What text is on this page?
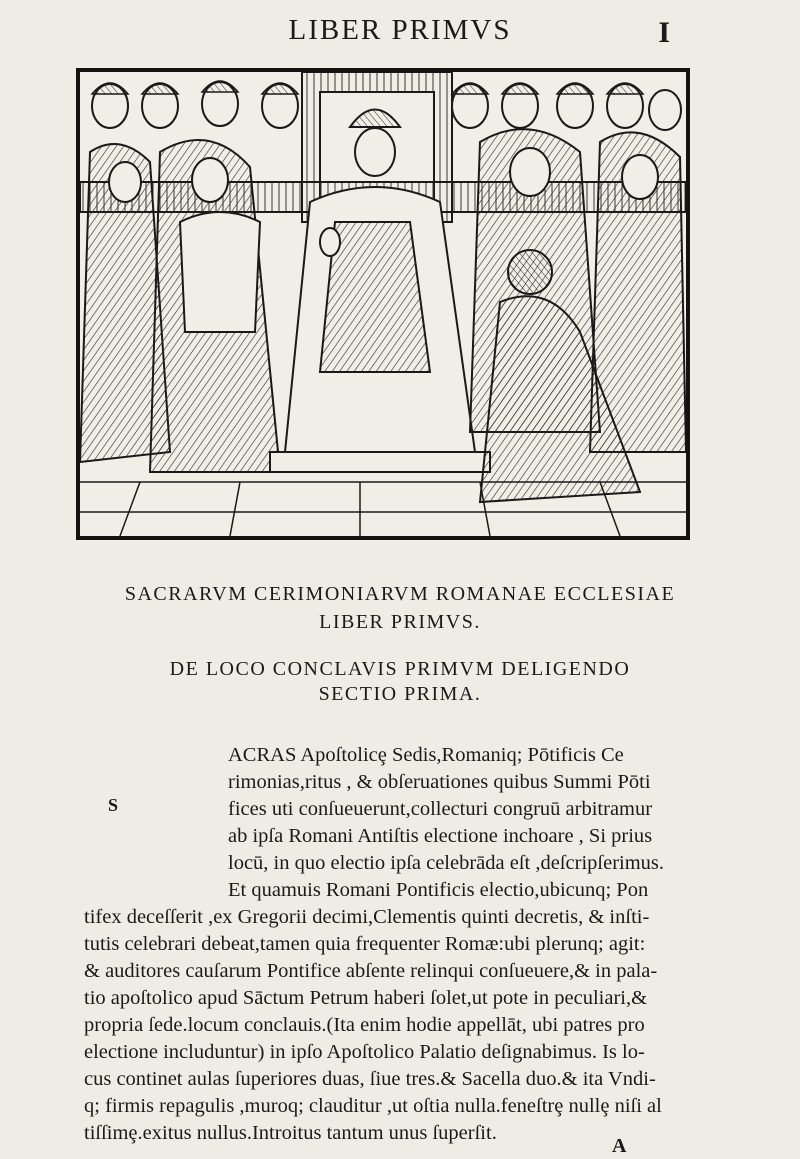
LIBER PRIMVS	I
SACRARVM CERIMONIARVM ROMANAE ECCLESIAE
LIBER PRIMVS.
DE LOCO CONCLAVIS PRIMVM DELIGENDO
SECTIO PRIMA.
S
ACRAS Apoſtolicȩ Sedis,Romaniq; Pōtificis Ce
rimonias,ritus , & obſeruationes quibus Summi Pōti
fices uti conſueuerunt,collecturi congruū arbitramur
ab ipſa Romani Antiſtis electione inchoare , Si prius
locū, in quo electio ipſa celebrāda eſt ,deſcripſerimus.
Et quamuis Romani Pontificis electio,ubicunq; Pon
tifex deceſſerit ,ex Gregorii decimi,Clementis quinti decretis, & inſti-
tutis celebrari debeat,tamen quia frequenter Romæ:ubi plerunq; agit:
& auditores cauſarum Pontifice abſente relinqui conſueuere,& in pala-
tio apoſtolico apud Sāctum Petrum haberi ſolet,ut pote in peculiari,&
propria ſede.locum conclauis.(Ita enim hodie appellāt, ubi patres pro
electione includuntur) in ipſo Apoſtolico Palatio deſignabimus. Is lo-
cus continet aulas ſuperiores duas, ſiue tres.& Sacella duo.& ita Vndi-
q; firmis repagulis ,muroq; clauditur ,ut oſtia nulla.feneſtrȩ nullȩ niſi al
tiſſimȩ.exitus nullus.Introitus tantum unus ſuperſit.
A
